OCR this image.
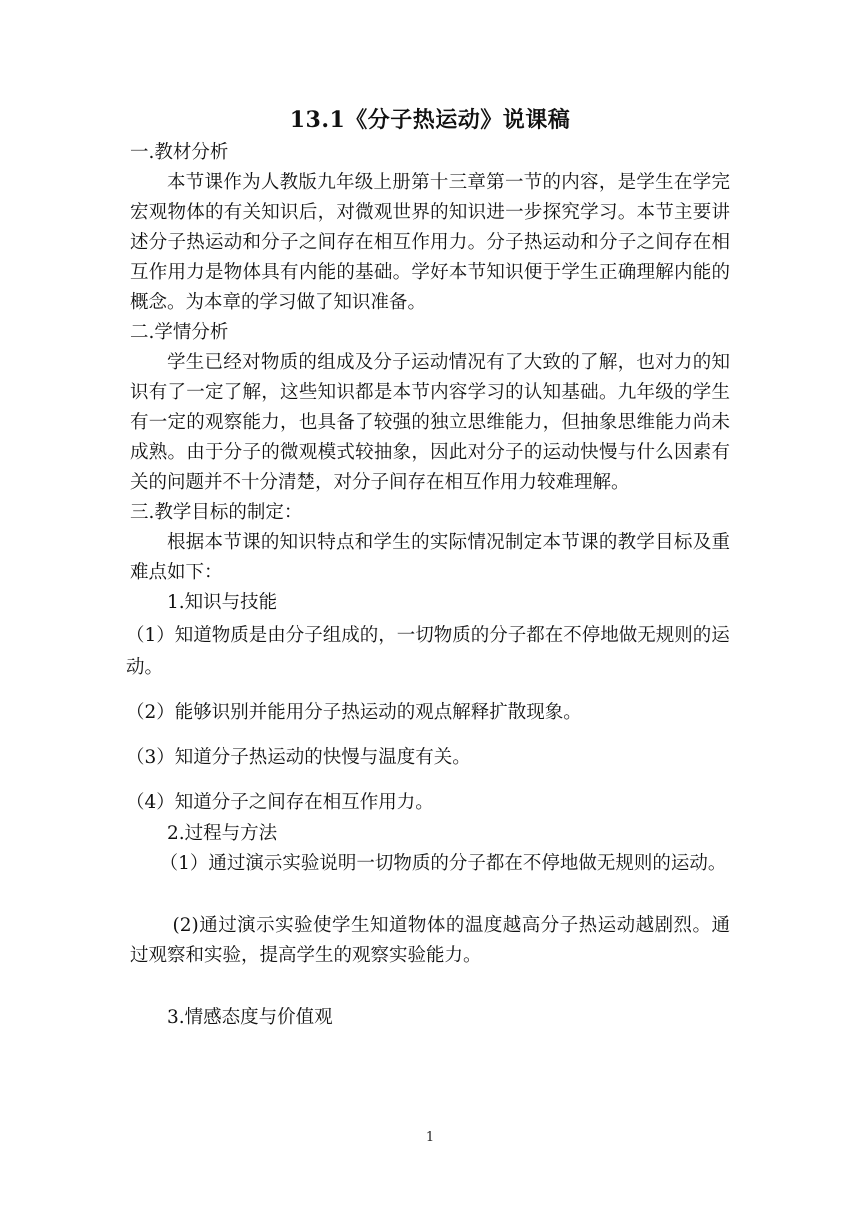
13.1《分子热运动》说课稿
一.教材分析
本节课作为人教版九年级上册第十三章第一节的内容，是学生在学完宏观物体的有关知识后，对微观世界的知识进一步探究学习。本节主要讲述分子热运动和分子之间存在相互作用力。分子热运动和分子之间存在相互作用力是物体具有内能的基础。学好本节知识便于学生正确理解内能的概念。为本章的学习做了知识准备。
二.学情分析
学生已经对物质的组成及分子运动情况有了大致的了解，也对力的知识有了一定了解，这些知识都是本节内容学习的认知基础。九年级的学生有一定的观察能力，也具备了较强的独立思维能力，但抽象思维能力尚未成熟。由于分子的微观模式较抽象，因此对分子的运动快慢与什么因素有关的问题并不十分清楚，对分子间存在相互作用力较难理解。
三.教学目标的制定：
根据本节课的知识特点和学生的实际情况制定本节课的教学目标及重难点如下：
1.知识与技能
（1）知道物质是由分子组成的，一切物质的分子都在不停地做无规则的运动。
（2）能够识别并能用分子热运动的观点解释扩散现象。
（3）知道分子热运动的快慢与温度有关。
（4）知道分子之间存在相互作用力。
2.过程与方法
（1）通过演示实验说明一切物质的分子都在不停地做无规则的运动。
(2)通过演示实验使学生知道物体的温度越高分子热运动越剧烈。通过观察和实验，提高学生的观察实验能力。
3.情感态度与价值观
1
